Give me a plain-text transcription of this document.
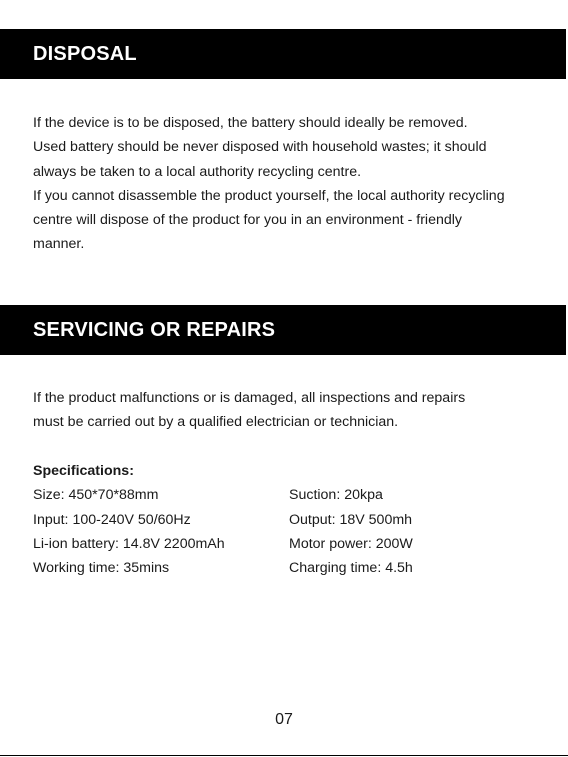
DISPOSAL

If the device is to be disposed, the battery should ideally be removed.

Used battery should be never disposed with household wastes; it should

always be taken to a local authority recycling centre.

If you cannot disassemble the product yourself, the local authority recycling

centre will dispose of the product for you in an environment - friendly

manner.

SERVICING OR REPAIRS

If the product malfunctions or is damaged, all inspections and repairs

must be carried out by a qualified electrician or technician.

Specifications:

Size: 450*70*88mm	Suction: 20kpa
Input: 100-240V 50/60Hz	Output: 18V 500mh
Li-ion battery: 14.8V 2200mAh	Motor power: 200W
Working time: 35mins	Charging time: 4.5h
07
